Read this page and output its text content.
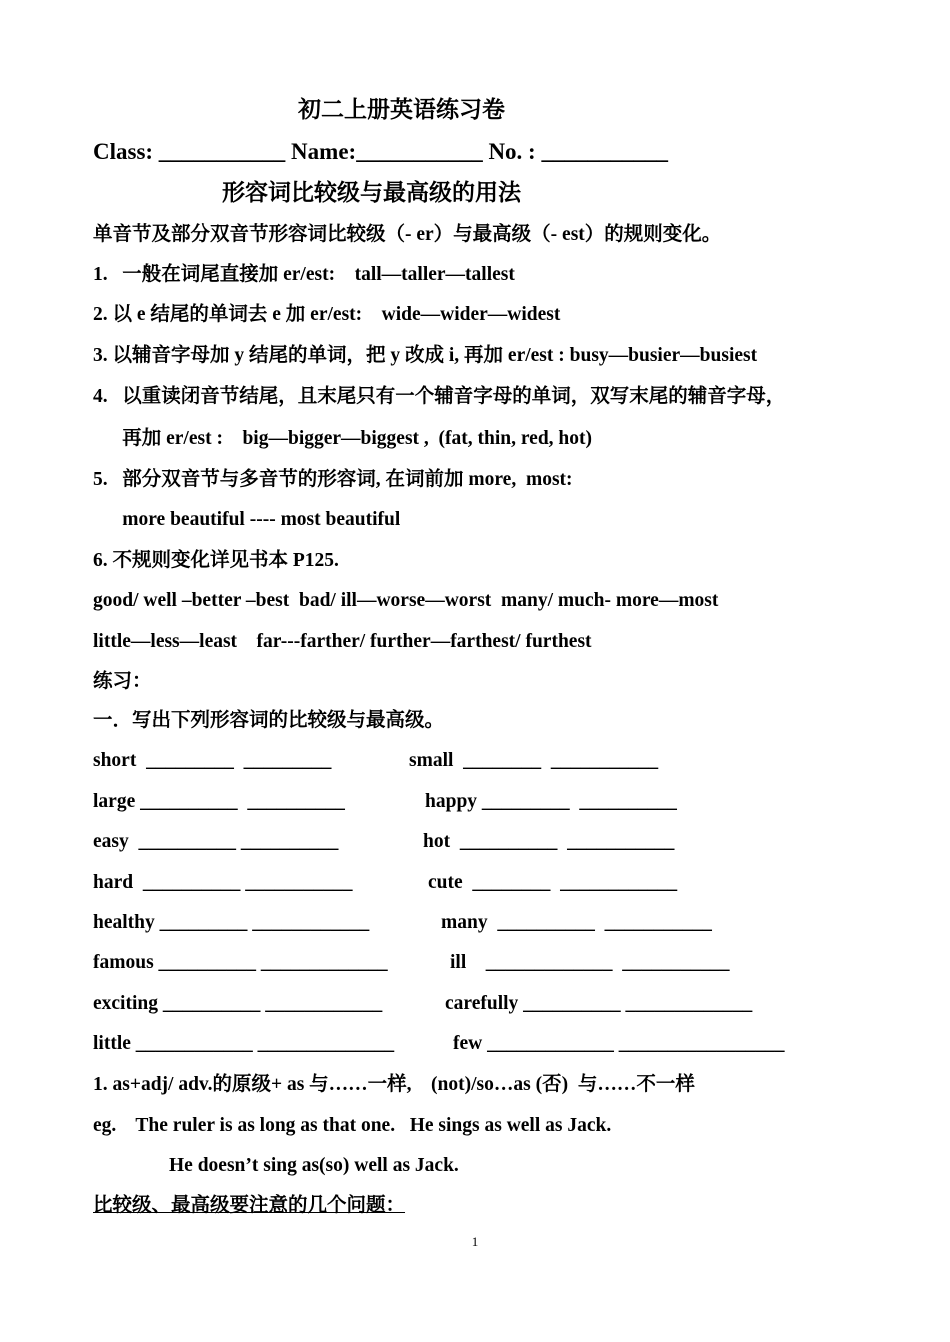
初二上册英语练习卷
Class: ___________ Name:___________ No. : ___________
形容词比较级与最高级的用法
单音节及部分双音节形容词比较级（- er）与最高级（- est）的规则变化。
1.   一般在词尾直接加 er/est:    tall—taller—tallest
2. 以 e 结尾的单词去 e 加 er/est:    wide—wider—widest
3. 以辅音字母加 y 结尾的单词，把 y 改成 i, 再加 er/est : busy—busier—busiest
4.   以重读闭音节结尾，且末尾只有一个辅音字母的单词，双写末尾的辅音字母，
再加 er/est :    big—bigger—biggest ,  (fat, thin, red, hot)
5.   部分双音节与多音节的形容词, 在词前加 more,  most:
more beautiful ---- most beautiful
6. 不规则变化详见书本 P125.
good/ well –better –best  bad/ ill—worse—worst  many/ much- more—most
little—less—least    far---farther/ further—farthest/ furthest
练习：
一．写出下列形容词的比较级与最高级。
short  _________  _________	small  ________  ___________
large __________  __________	happy _________  __________
easy  __________ __________	hot  __________  ___________
hard  __________ ___________	cute  ________  ____________
healthy _________ ____________	many  __________  ___________
famous __________ _____________	ill    _____________  ___________
exciting __________ ____________	carefully __________ _____________
little ____________ ______________	few _____________ _________________
1. as+adj/ adv.的原级+ as 与……一样,    (not)/so…as (否)  与……不一样
eg.    The ruler is as long as that one.   He sings as well as Jack.
He doesn’t sing as(so) well as Jack.
比较级、最高级要注意的几个问题：
1
